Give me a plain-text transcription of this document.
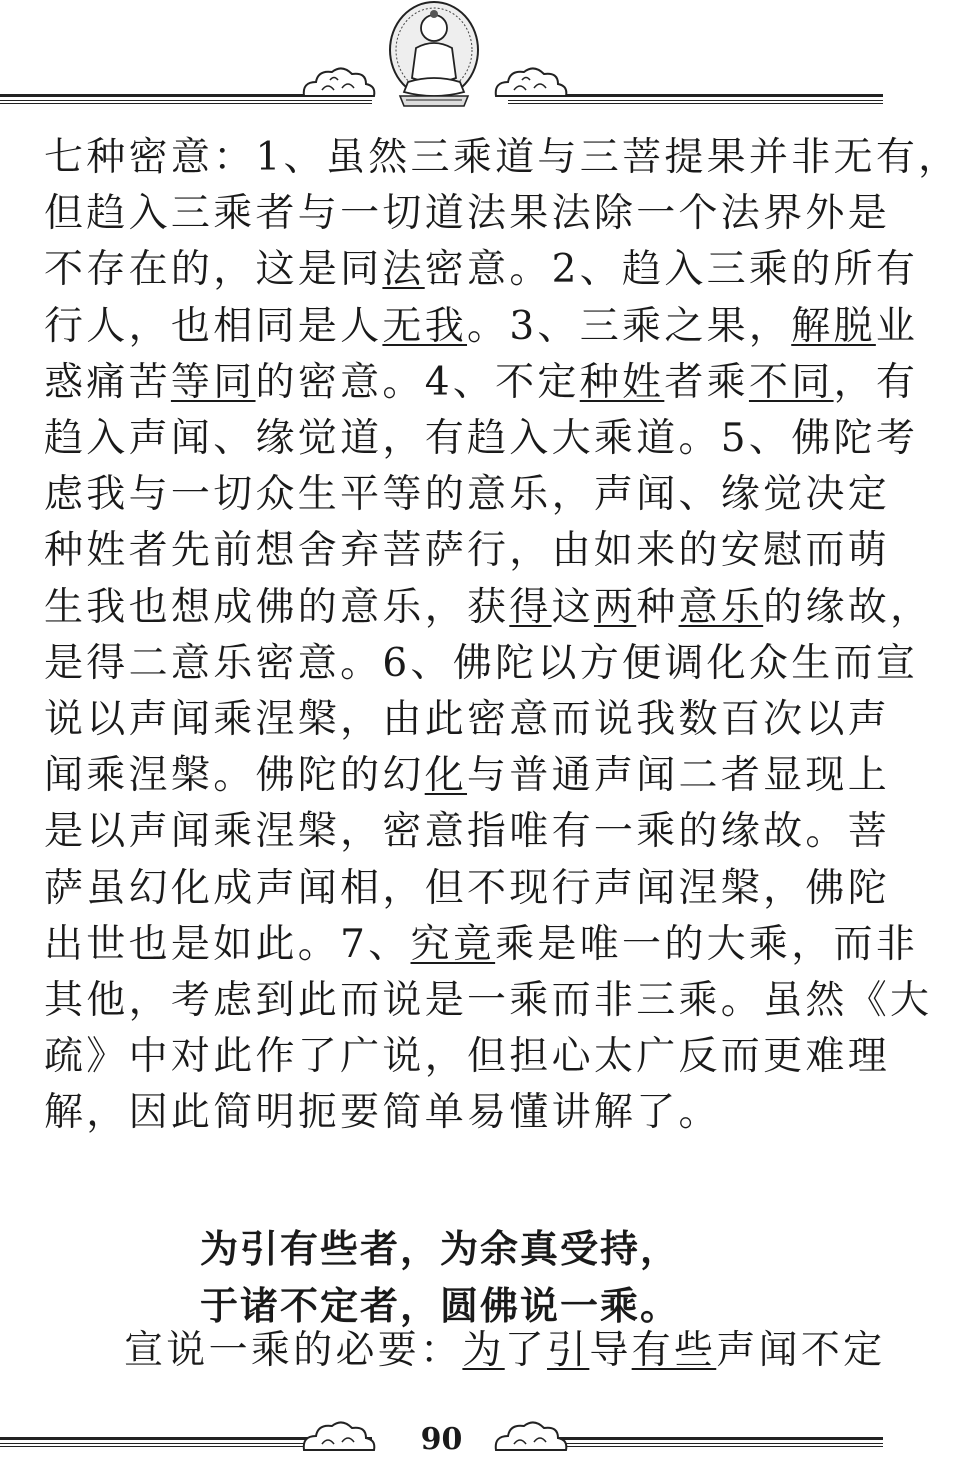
七种密意：1、虽然三乘道与三菩提果并非无有，
但趋入三乘者与一切道法果法除一个法界外是
不存在的，这是同法密意。2、趋入三乘的所有
行人，也相同是人无我。3、三乘之果，解脱业
惑痛苦等同的密意。4、不定种姓者乘不同，有
趋入声闻、缘觉道，有趋入大乘道。5、佛陀考
虑我与一切众生平等的意乐，声闻、缘觉决定
种姓者先前想舍弃菩萨行，由如来的安慰而萌
生我也想成佛的意乐，获得这两种意乐的缘故，
是得二意乐密意。6、佛陀以方便调化众生而宣
说以声闻乘涅槃，由此密意而说我数百次以声
闻乘涅槃。佛陀的幻化与普通声闻二者显现上
是以声闻乘涅槃，密意指唯有一乘的缘故。菩
萨虽幻化成声闻相，但不现行声闻涅槃，佛陀
出世也是如此。7、究竟乘是唯一的大乘，而非
其他，考虑到此而说是一乘而非三乘。虽然《大
疏》中对此作了广说，但担心太广反而更难理
解，因此简明扼要简单易懂讲解了。
为引有些者，为余真受持，
于诸不定者，圆佛说一乘。
宣说一乘的必要：为了引导有些声闻不定
90
